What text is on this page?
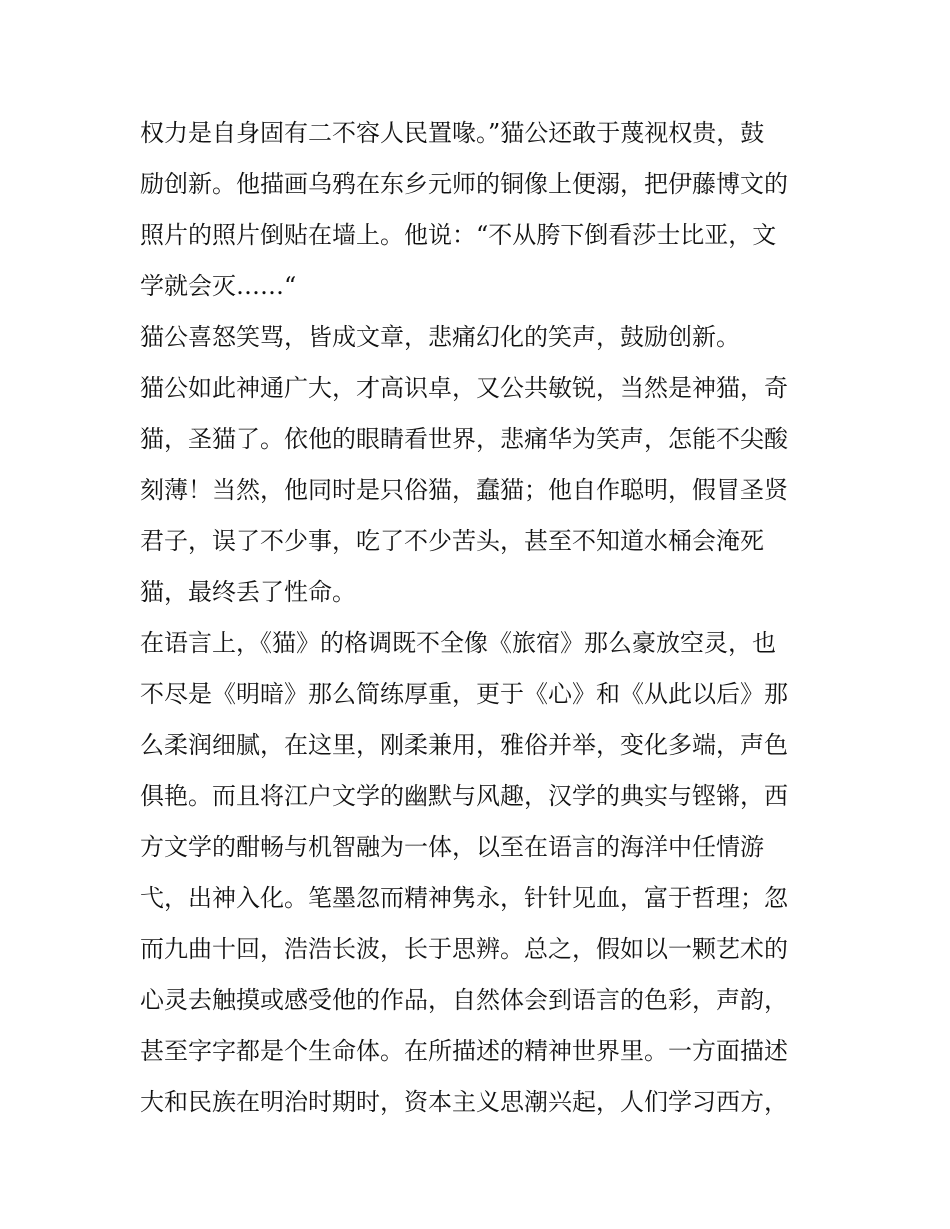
权力是自身固有二不容人民置喙。”猫公还敢于蔑视权贵，鼓
励创新。他描画乌鸦在东乡元师的铜像上便溺，把伊藤博文的
照片的照片倒贴在墙上。他说：“不从胯下倒看莎士比亚，文
学就会灭……“
猫公喜怒笑骂，皆成文章，悲痛幻化的笑声，鼓励创新。
猫公如此神通广大，才高识卓，又公共敏锐，当然是神猫，奇
猫，圣猫了。依他的眼睛看世界，悲痛华为笑声，怎能不尖酸
刻薄！当然，他同时是只俗猫，蠢猫；他自作聪明，假冒圣贤
君子，误了不少事，吃了不少苦头，甚至不知道水桶会淹死
猫，最终丢了性命。
在语言上，《猫》的格调既不全像《旅宿》那么豪放空灵，也
不尽是《明暗》那么简练厚重，更于《心》和《从此以后》那
么柔润细腻，在这里，刚柔兼用，雅俗并举，变化多端，声色
俱艳。而且将江户文学的幽默与风趣，汉学的典实与铿锵，西
方文学的酣畅与机智融为一体，以至在语言的海洋中任情游
弋，出神入化。笔墨忽而精神隽永，针针见血，富于哲理；忽
而九曲十回，浩浩长波，长于思辨。总之，假如以一颗艺术的
心灵去触摸或感受他的作品，自然体会到语言的色彩，声韵，
甚至字字都是个生命体。在所描述的精神世界里。一方面描述
大和民族在明治时期时，资本主义思潮兴起，人们学习西方，
